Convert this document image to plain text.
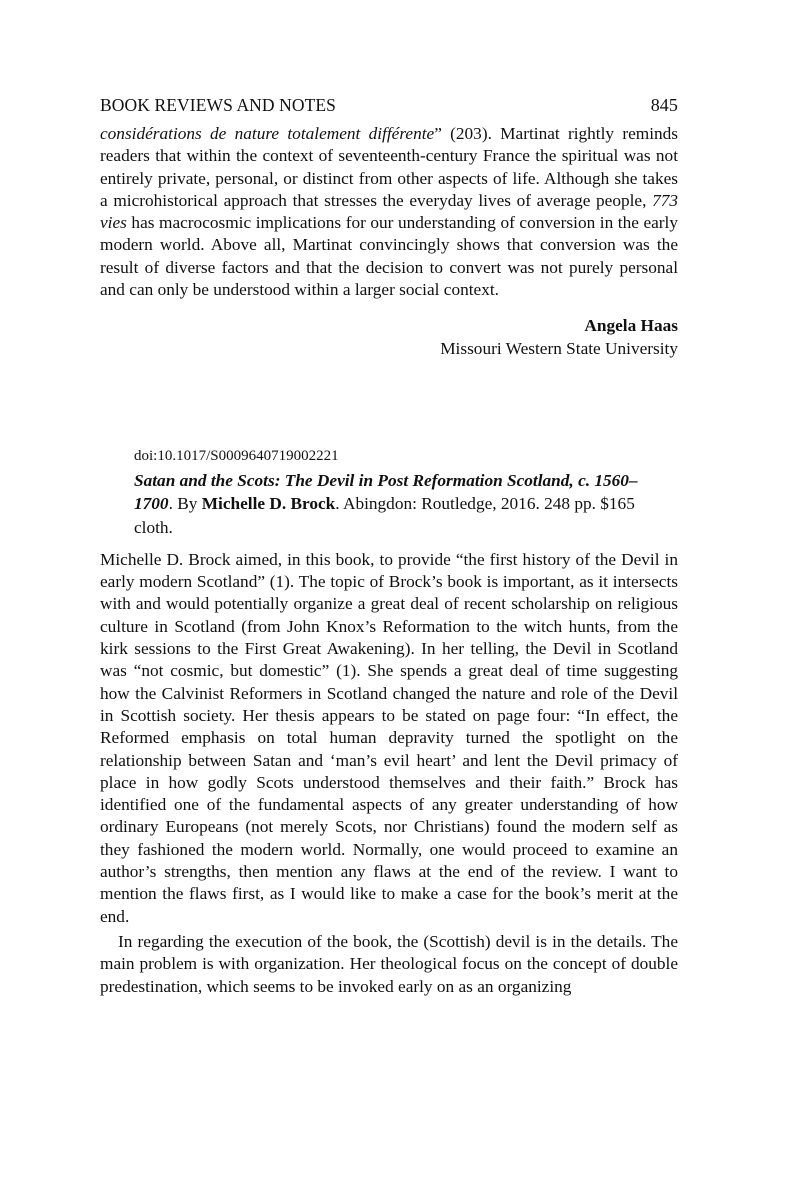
BOOK REVIEWS AND NOTES	845

considérations de nature totalement différente” (203). Martinat rightly reminds readers that within the context of seventeenth-century France the spiritual was not entirely private, personal, or distinct from other aspects of life. Although she takes a microhistorical approach that stresses the everyday lives of average people, 773 vies has macrocosmic implications for our understanding of conversion in the early modern world. Above all, Martinat convincingly shows that conversion was the result of diverse factors and that the decision to convert was not purely personal and can only be understood within a larger social context.

Angela Haas
Missouri Western State University
doi:10.1017/S0009640719002221
Satan and the Scots: The Devil in Post Reformation Scotland, c. 1560–1700. By Michelle D. Brock. Abingdon: Routledge, 2016. 248 pp. $165 cloth.

Michelle D. Brock aimed, in this book, to provide “the first history of the Devil in early modern Scotland” (1). The topic of Brock’s book is important, as it intersects with and would potentially organize a great deal of recent scholarship on religious culture in Scotland (from John Knox’s Reformation to the witch hunts, from the kirk sessions to the First Great Awakening). In her telling, the Devil in Scotland was “not cosmic, but domestic” (1). She spends a great deal of time suggesting how the Calvinist Reformers in Scotland changed the nature and role of the Devil in Scottish society. Her thesis appears to be stated on page four: “In effect, the Reformed emphasis on total human depravity turned the spotlight on the relationship between Satan and ‘man’s evil heart’ and lent the Devil primacy of place in how godly Scots understood themselves and their faith.” Brock has identified one of the fundamental aspects of any greater understanding of how ordinary Europeans (not merely Scots, nor Christians) found the modern self as they fashioned the modern world. Normally, one would proceed to examine an author’s strengths, then mention any flaws at the end of the review. I want to mention the flaws first, as I would like to make a case for the book’s merit at the end.

In regarding the execution of the book, the (Scottish) devil is in the details. The main problem is with organization. Her theological focus on the concept of double predestination, which seems to be invoked early on as an organizing
